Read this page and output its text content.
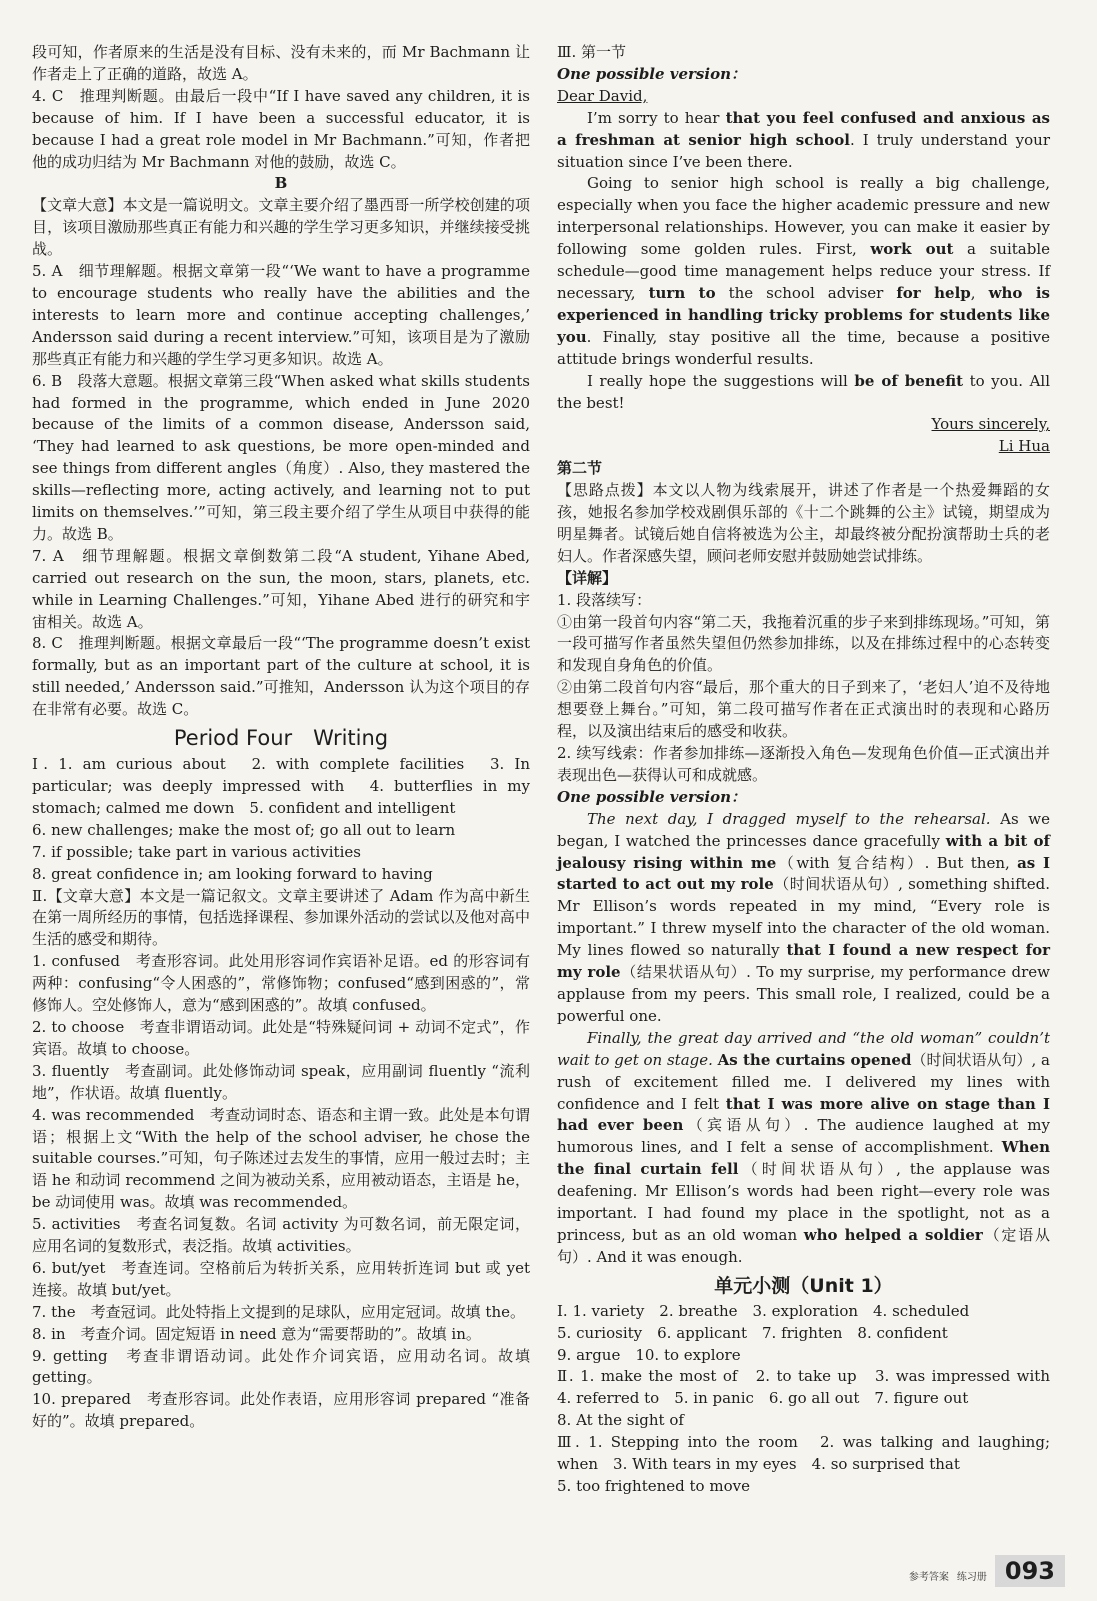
段可知，作者原来的生活是没有目标、没有未来的，而 Mr Bachmann 让作者走上了正确的道路，故选 A。

4. C　推理判断题。由最后一段中“If I have saved any children, it is because of him. If I have been a successful educator, it is because I had a great role model in Mr Bachmann.”可知，作者把他的成功归结为 Mr Bachmann 对他的鼓励，故选 C。

B

【文章大意】本文是一篇说明文。文章主要介绍了墨西哥一所学校创建的项目，该项目激励那些真正有能力和兴趣的学生学习更多知识，并继续接受挑战。

5. A　细节理解题。根据文章第一段“‘We want to have a programme to encourage students who really have the abilities and the interests to learn more and continue accepting challenges,’ Andersson said during a recent interview.”可知，该项目是为了激励那些真正有能力和兴趣的学生学习更多知识。故选 A。

6. B　段落大意题。根据文章第三段“When asked what skills students had formed in the programme, which ended in June 2020 because of the limits of a common disease, Andersson said, ‘They had learned to ask questions, be more open-minded and see things from different angles（角度）. Also, they mastered the skills—reflecting more, acting actively, and learning not to put limits on themselves.’”可知，第三段主要介绍了学生从项目中获得的能力。故选 B。

7. A　细节理解题。根据文章倒数第二段“A student, Yihane Abed, carried out research on the sun, the moon, stars, planets, etc. while in Learning Challenges.”可知，Yihane Abed 进行的研究和宇宙相关。故选 A。

8. C　推理判断题。根据文章最后一段“‘The programme doesn’t exist formally, but as an important part of the culture at school, it is still needed,’ Andersson said.”可推知，Andersson 认为这个项目的存在非常有必要。故选 C。

Period Four　Writing

Ⅰ. 1. am curious about　2. with complete facilities　3. In particular; was deeply impressed with　4. butterflies in my stomach; calmed me down　5. confident and intelligent

6. new challenges; make the most of; go all out to learn

7. if possible; take part in various activities

8. great confidence in; am looking forward to having

Ⅱ.【文章大意】本文是一篇记叙文。文章主要讲述了 Adam 作为高中新生在第一周所经历的事情，包括选择课程、参加课外活动的尝试以及他对高中生活的感受和期待。

1. confused　考查形容词。此处用形容词作宾语补足语。ed 的形容词有两种：confusing“令人困惑的”，常修饰物；confused“感到困惑的”，常修饰人。空处修饰人，意为“感到困惑的”。故填 confused。

2. to choose　考查非谓语动词。此处是“特殊疑问词 + 动词不定式”，作宾语。故填 to choose。

3. fluently　考查副词。此处修饰动词 speak，应用副词 fluently “流利地”，作状语。故填 fluently。

4. was recommended　考查动词时态、语态和主谓一致。此处是本句谓语；根据上文“With the help of the school adviser, he chose the suitable courses.”可知，句子陈述过去发生的事情，应用一般过去时；主语 he 和动词 recommend 之间为被动关系，应用被动语态，主语是 he，be 动词使用 was。故填 was recommended。

5. activities　考查名词复数。名词 activity 为可数名词，前无限定词，应用名词的复数形式，表泛指。故填 activities。

6. but/yet　考查连词。空格前后为转折关系，应用转折连词 but 或 yet 连接。故填 but/yet。

7. the　考查冠词。此处特指上文提到的足球队，应用定冠词。故填 the。

8. in　考查介词。固定短语 in need 意为“需要帮助的”。故填 in。

9. getting　考查非谓语动词。此处作介词宾语，应用动名词。故填 getting。

10. prepared　考查形容词。此处作表语，应用形容词 prepared “准备好的”。故填 prepared。

Ⅲ. 第一节

One possible version：

Dear David,

I’m sorry to hear that you feel confused and anxious as a freshman at senior high school. I truly understand your situation since I’ve been there.

Going to senior high school is really a big challenge, especially when you face the higher academic pressure and new interpersonal relationships. However, you can make it easier by following some golden rules. First, work out a suitable schedule—good time management helps reduce your stress. If necessary, turn to the school adviser for help, who is experienced in handling tricky problems for students like you. Finally, stay positive all the time, because a positive attitude brings wonderful results.

I really hope the suggestions will be of benefit to you. All the best!

Yours sincerely,

Li Hua

第二节

【思路点拨】本文以人物为线索展开，讲述了作者是一个热爱舞蹈的女孩，她报名参加学校戏剧俱乐部的《十二个跳舞的公主》试镜，期望成为明星舞者。试镜后她自信将被选为公主，却最终被分配扮演帮助士兵的老妇人。作者深感失望，顾问老师安慰并鼓励她尝试排练。

【详解】

1. 段落续写：

①由第一段首句内容“第二天，我拖着沉重的步子来到排练现场。”可知，第一段可描写作者虽然失望但仍然参加排练，以及在排练过程中的心态转变和发现自身角色的价值。

②由第二段首句内容“最后，那个重大的日子到来了，‘老妇人’迫不及待地想要登上舞台。”可知，第二段可描写作者在正式演出时的表现和心路历程，以及演出结束后的感受和收获。

2. 续写线索：作者参加排练—逐渐投入角色—发现角色价值—正式演出并表现出色—获得认可和成就感。

One possible version：

The next day, I dragged myself to the rehearsal. As we began, I watched the princesses dance gracefully with a bit of jealousy rising within me（with 复合结构）. But then, as I started to act out my role（时间状语从句）, something shifted. Mr Ellison’s words repeated in my mind, “Every role is important.” I threw myself into the character of the old woman. My lines flowed so naturally that I found a new respect for my role（结果状语从句）. To my surprise, my performance drew applause from my peers. This small role, I realized, could be a powerful one.

Finally, the great day arrived and “the old woman” couldn’t wait to get on stage. As the curtains opened（时间状语从句）, a rush of excitement filled me. I delivered my lines with confidence and I felt that I was more alive on stage than I had ever been（宾语从句）. The audience laughed at my humorous lines, and I felt a sense of accomplishment. When the final curtain fell（时间状语从句）, the applause was deafening. Mr Ellison’s words had been right—every role was important. I had found my place in the spotlight, not as a princess, but as an old woman who helped a soldier（定语从句）. And it was enough.

单元小测（Unit 1）

Ⅰ. 1. variety　2. breathe　3. exploration　4. scheduled

5. curiosity　6. applicant　7. frighten　8. confident

9. argue　10. to explore

Ⅱ. 1. make the most of　2. to take up　3. was impressed with　4. referred to　5. in panic　6. go all out　7. figure out

8. At the sight of

Ⅲ. 1. Stepping into the room　2. was talking and laughing; when　3. With tears in my eyes　4. so surprised that

5. too frightened to move

参考答案 练习册 093
